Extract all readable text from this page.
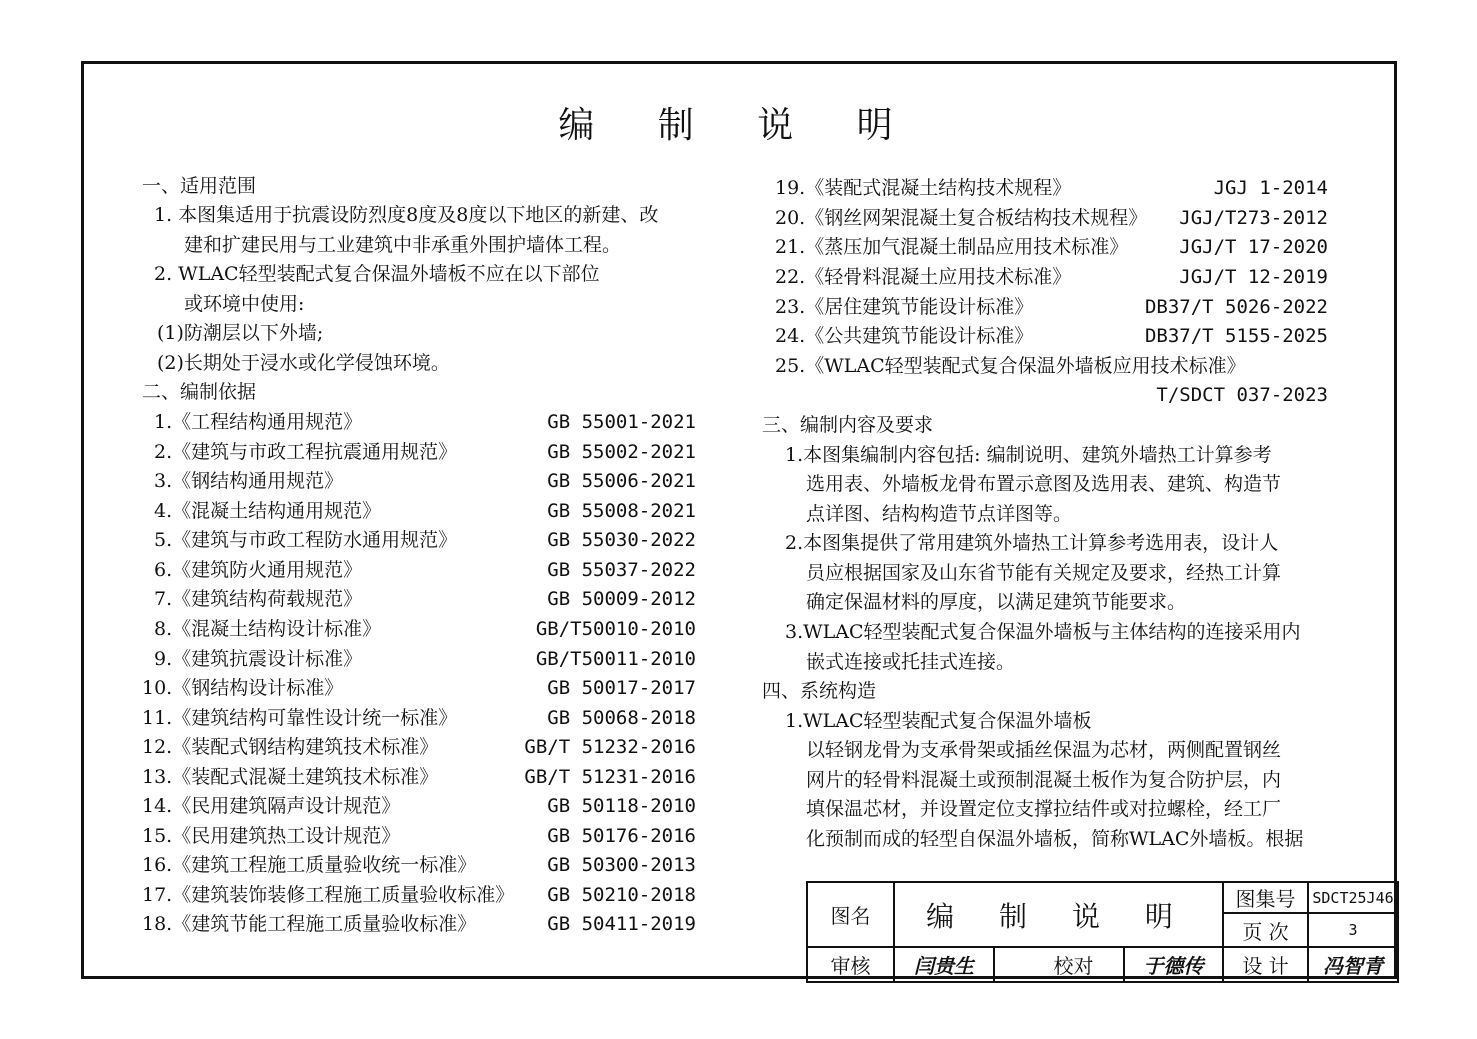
编 制 说 明
一、适用范围
1. 本图集适用于抗震设防烈度8度及8度以下地区的新建、改
建和扩建民用与工业建筑中非承重外围护墙体工程。
2. WLAC轻型装配式复合保温外墙板不应在以下部位
或环境中使用:
(1)防潮层以下外墙;
(2)长期处于浸水或化学侵蚀环境。
二、编制依据
1.《工程结构通用规范》	GB 55001-2021
2.《建筑与市政工程抗震通用规范》	GB 55002-2021
3.《钢结构通用规范》	GB 55006-2021
4.《混凝土结构通用规范》	GB 55008-2021
5.《建筑与市政工程防水通用规范》	GB 55030-2022
6.《建筑防火通用规范》	GB 55037-2022
7.《建筑结构荷载规范》	GB 50009-2012
8.《混凝土结构设计标准》	GB/T50010-2010
9.《建筑抗震设计标准》	GB/T50011-2010
10.《钢结构设计标准》	GB 50017-2017
11.《建筑结构可靠性设计统一标准》	GB 50068-2018
12.《装配式钢结构建筑技术标准》	GB/T 51232-2016
13.《装配式混凝土建筑技术标准》	GB/T 51231-2016
14.《民用建筑隔声设计规范》	GB 50118-2010
15.《民用建筑热工设计规范》	GB 50176-2016
16.《建筑工程施工质量验收统一标准》	GB 50300-2013
17.《建筑装饰装修工程施工质量验收标准》 GB 50210-2018
18.《建筑节能工程施工质量验收标准》	GB 50411-2019
19.《装配式混凝土结构技术规程》	JGJ 1-2014
20.《钢丝网架混凝土复合板结构技术规程》 JGJ/T273-2012
21.《蒸压加气混凝土制品应用技术标准》	JGJ/T 17-2020
22.《轻骨料混凝土应用技术标准》	JGJ/T 12-2019
23.《居住建筑节能设计标准》	DB37/T 5026-2022
24.《公共建筑节能设计标准》	DB37/T 5155-2025
25.《WLAC轻型装配式复合保温外墙板应用技术标准》
T/SDCT 037-2023
三、编制内容及要求
1.本图集编制内容包括: 编制说明、建筑外墙热工计算参考
选用表、外墙板龙骨布置示意图及选用表、建筑、构造节
点详图、结构构造节点详图等。
2.本图集提供了常用建筑外墙热工计算参考选用表，设计人
员应根据国家及山东省节能有关规定及要求，经热工计算
确定保温材料的厚度，以满足建筑节能要求。
3.WLAC轻型装配式复合保温外墙板与主体结构的连接采用内
嵌式连接或托挂式连接。
四、系统构造
1.WLAC轻型装配式复合保温外墙板
以轻钢龙骨为支承骨架或插丝保温为芯材，两侧配置钢丝
网片的轻骨料混凝土或预制混凝土板作为复合防护层，内
填保温芯材，并设置定位支撑拉结件或对拉螺栓，经工厂
化预制而成的轻型自保温外墙板，简称WLAC外墙板。根据
图名	编 制 说 明				图集号	SDCT25J46
					页 次	3
审核	闫贵生		校对	于德传	设 计	冯智青
